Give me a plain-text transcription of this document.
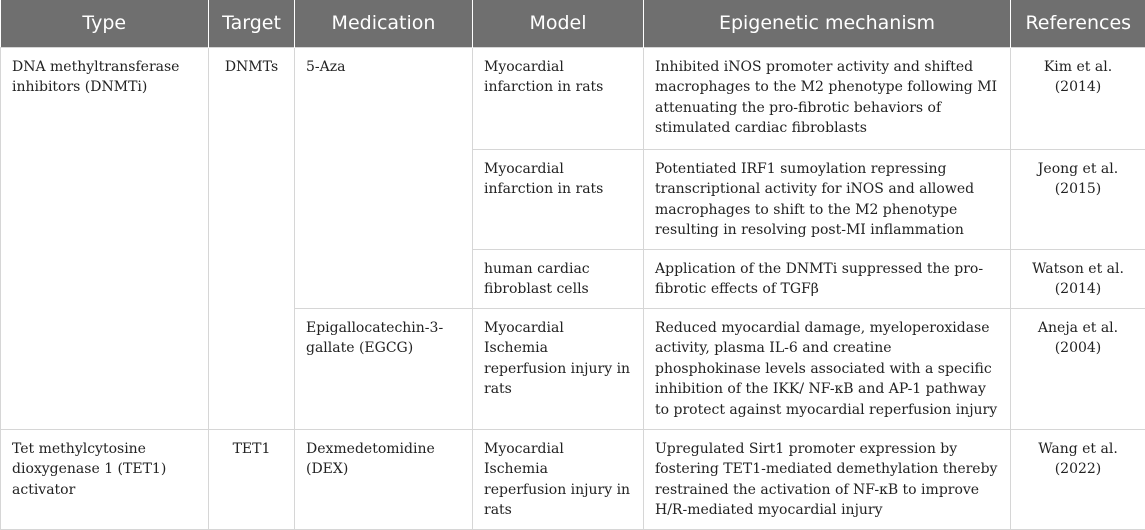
Type	Target	Medication	Model	Epigenetic mechanism	References
DNA methyltransferase inhibitors (DNMTi)	DNMTs	5-Aza	Myocardial infarction in rats	Inhibited iNOS promoter activity and shifted macrophages to the M2 phenotype following MI attenuating the pro-fibrotic behaviors of stimulated cardiac fibroblasts	Kim et al. (2014)
			Myocardial infarction in rats	Potentiated IRF1 sumoylation repressing transcriptional activity for iNOS and allowed macrophages to shift to the M2 phenotype resulting in resolving post-MI inflammation	Jeong et al. (2015)
			human cardiac fibroblast cells	Application of the DNMTi suppressed the pro-fibrotic effects of TGFβ	Watson et al. (2014)
		Epigallocatechin-3-gallate (EGCG)	Myocardial Ischemia reperfusion injury in rats	Reduced myocardial damage, myeloperoxidase activity, plasma IL-6 and creatine phosphokinase levels associated with a specific inhibition of the IKK/ NF-κB and AP-1 pathway to protect against myocardial reperfusion injury	Aneja et al. (2004)
Tet methylcytosine dioxygenase 1 (TET1) activator	TET1	Dexmedetomidine (DEX)	Myocardial Ischemia reperfusion injury in rats	Upregulated Sirt1 promoter expression by fostering TET1-mediated demethylation thereby restrained the activation of NF-κB to improve H/R-mediated myocardial injury	Wang et al. (2022)
